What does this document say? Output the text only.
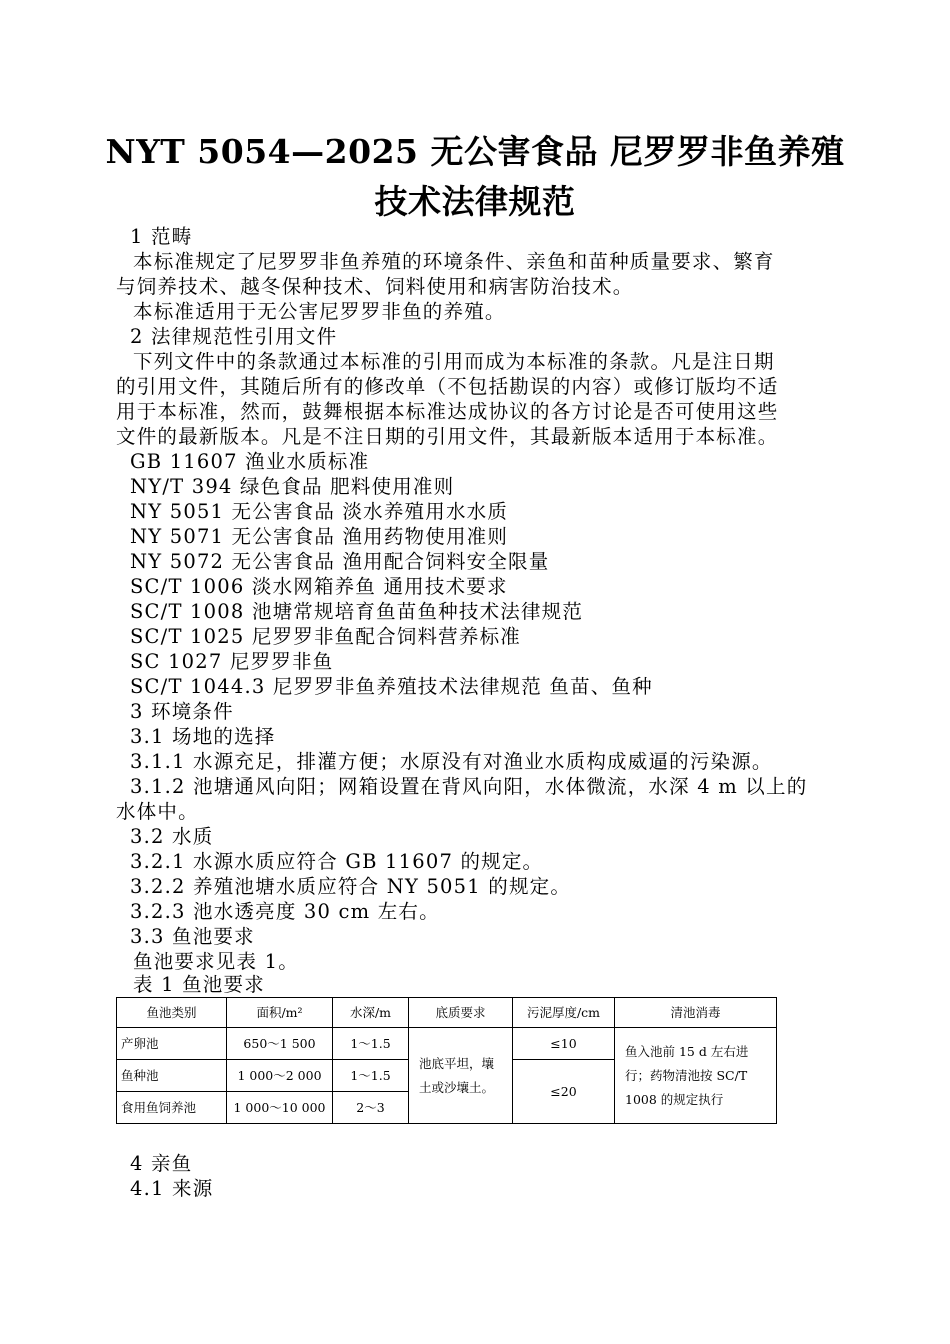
NYT 5054—2025 无公害食品 尼罗罗非鱼养殖
技术法律规范
1 范畴
本标准规定了尼罗罗非鱼养殖的环境条件、亲鱼和苗种质量要求、繁育
与饲养技术、越冬保种技术、饲料使用和病害防治技术。
本标准适用于无公害尼罗罗非鱼的养殖。
2 法律规范性引用文件
下列文件中的条款通过本标准的引用而成为本标准的条款。凡是注日期
的引用文件，其随后所有的修改单（不包括勘误的内容）或修订版均不适
用于本标准，然而，鼓舞根据本标准达成协议的各方讨论是否可使用这些
文件的最新版本。凡是不注日期的引用文件，其最新版本适用于本标准。
GB 11607 渔业水质标准
NY/T 394 绿色食品 肥料使用准则
NY 5051 无公害食品 淡水养殖用水水质
NY 5071 无公害食品 渔用药物使用准则
NY 5072 无公害食品 渔用配合饲料安全限量
SC/T 1006 淡水网箱养鱼 通用技术要求
SC/T 1008 池塘常规培育鱼苗鱼种技术法律规范
SC/T 1025 尼罗罗非鱼配合饲料营养标准
SC 1027 尼罗罗非鱼
SC/T 1044.3 尼罗罗非鱼养殖技术法律规范 鱼苗、鱼种
3 环境条件
3.1 场地的选择
3.1.1 水源充足，排灌方便；水原没有对渔业水质构成威逼的污染源。
3.1.2 池塘通风向阳；网箱设置在背风向阳，水体微流，水深 4 m 以上的
水体中。
3.2 水质
3.2.1 水源水质应符合 GB 11607 的规定。
3.2.2 养殖池塘水质应符合 NY 5051 的规定。
3.2.3 池水透亮度 30 cm 左右。
3.3 鱼池要求
鱼池要求见表 1。
表 1 鱼池要求
鱼池类别	面积/m²	水深/m	底质要求	污泥厚度/cm	清池消毒
产卵池	650～1 500	1～1.5	池底平坦，壤土或沙壤土。	≤10	鱼入池前 15 d 左右进行；药物清池按 SC/T 1008 的规定执行
鱼种池	1 000～2 000	1～1.5		≤20	
食用鱼饲养池	1 000～10 000	2～3			
4 亲鱼
4.1 来源
